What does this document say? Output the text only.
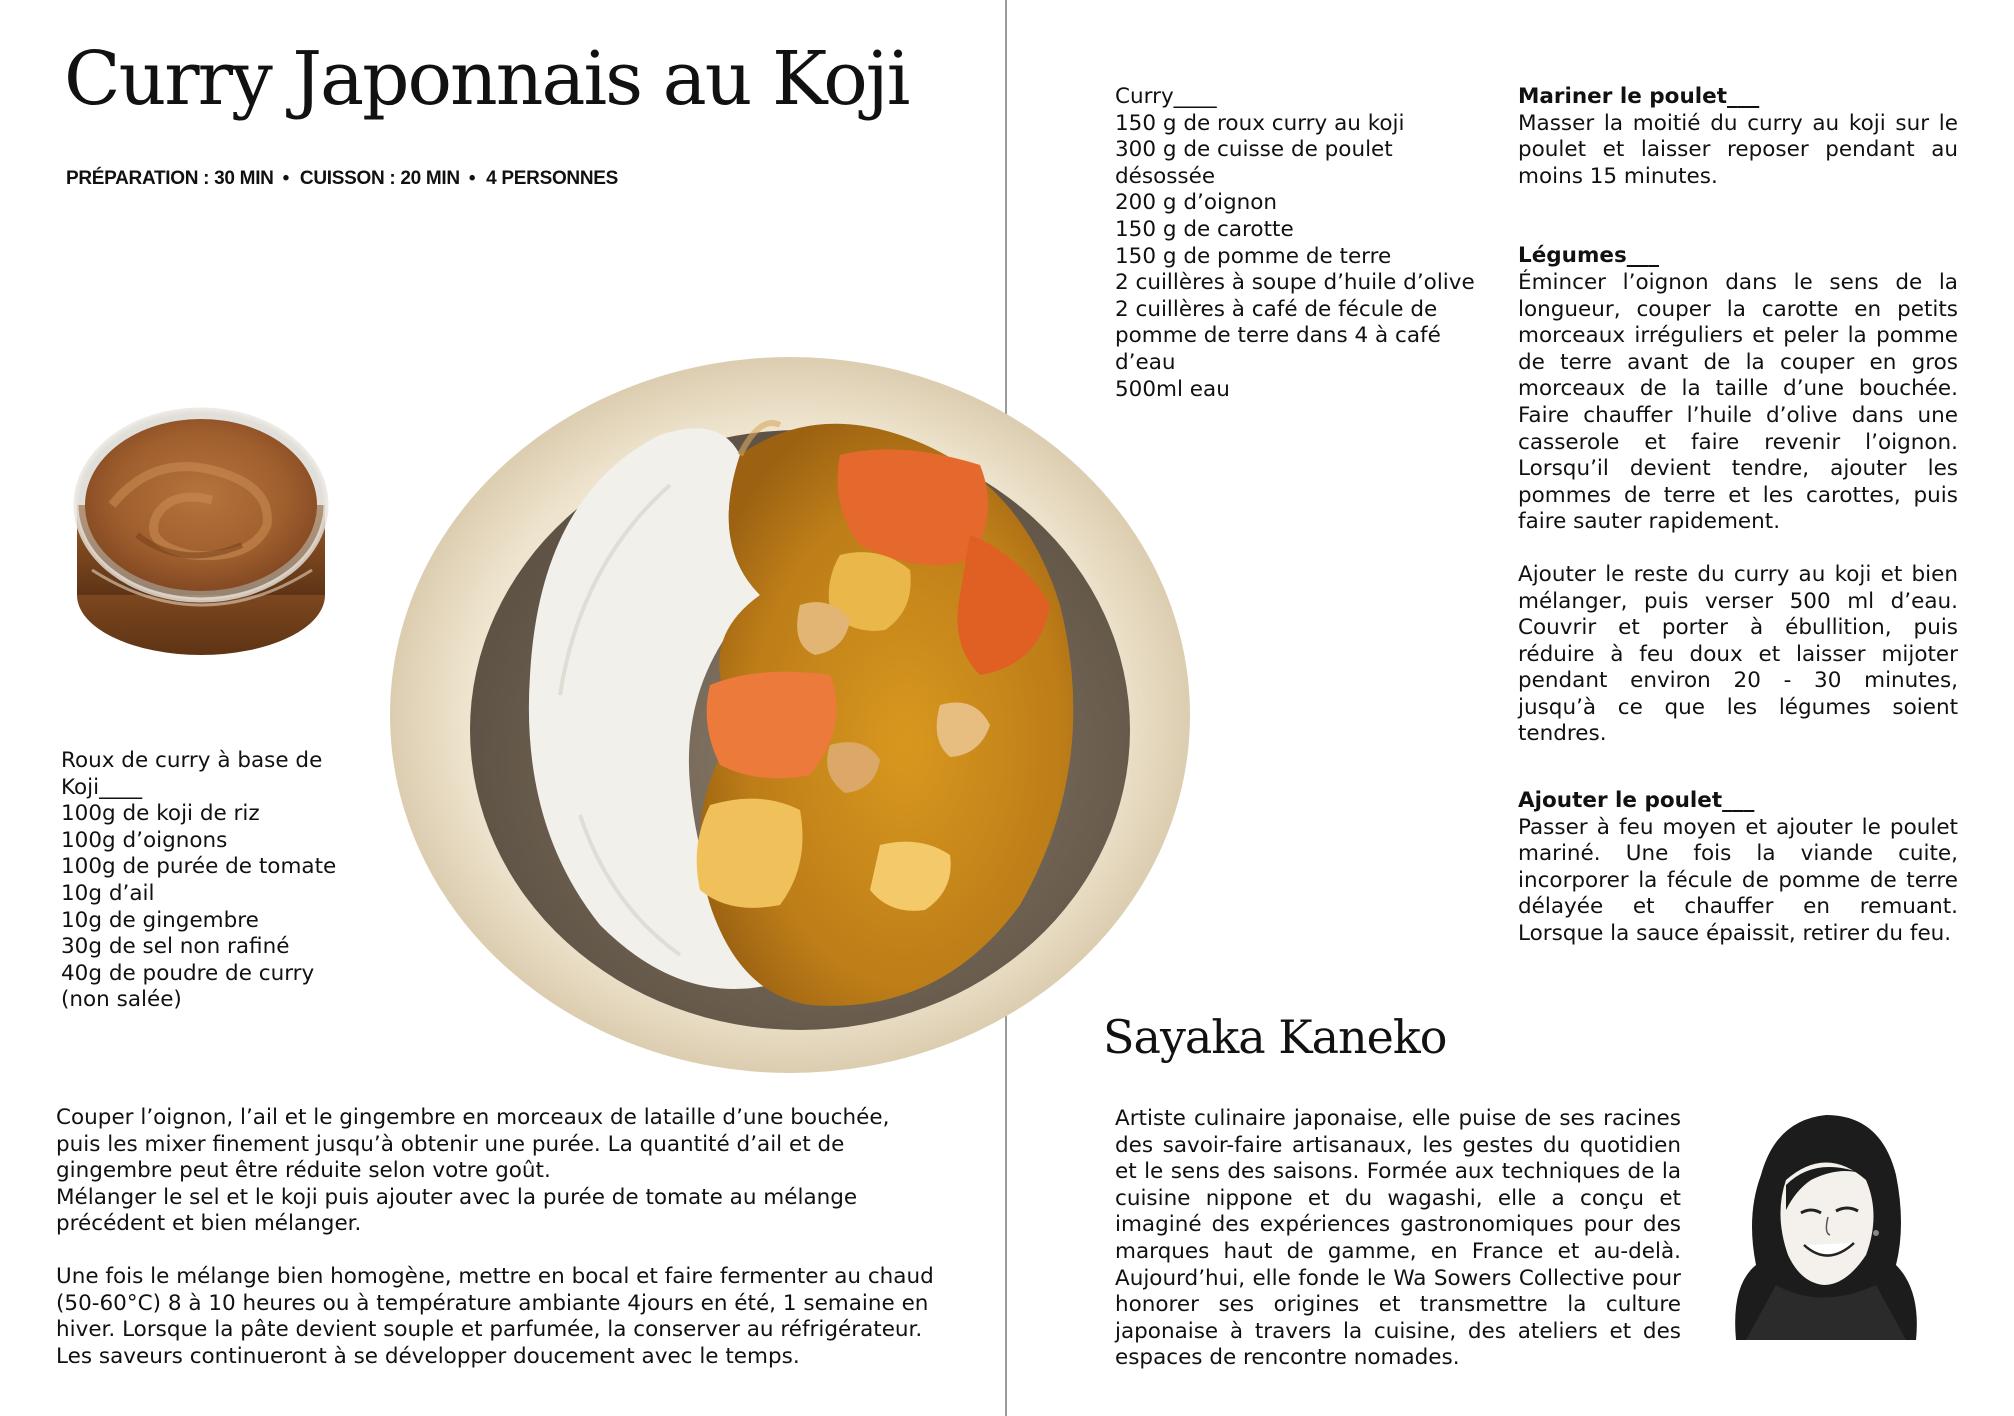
Curry Japonnais au Koji
PRÉPARATION : 30 MIN • CUISSON : 20 MIN • 4 PERSONNES

Roux de curry à base de Koji____

100g de koji de riz

100g d’oignons

100g de purée de tomate

10g d’ail

10g de gingembre

30g de sel non rafiné

40g de poudre de curry (non salée)

Couper l’oignon, l’ail et le gingembre en morceaux de lataille d’une bouchée, puis les mixer finement jusqu’à obtenir une purée. La quantité d’ail et de gingembre peut être réduite selon votre goût.
Mélanger le sel et le koji puis ajouter avec la purée de tomate au mélange précédent et bien mélanger.

Une fois le mélange bien homogène, mettre en bocal et faire fermenter au chaud (50-60°C) 8 à 10 heures ou à température ambiante 4jours en été, 1 semaine en hiver. Lorsque la pâte devient souple et parfumée, la conserver au réfrigérateur. Les saveurs continueront à se développer doucement avec le temps.

Curry____

150 g de roux curry au koji

300 g de cuisse de poulet désossée

200 g d’oignon

150 g de carotte

150 g de pomme de terre

2 cuillères à soupe d’huile d’olive

2 cuillères à café de fécule de pomme de terre dans 4 à café d’eau

500ml eau

Mariner le poulet___

Masser la moitié du curry au koji sur le poulet et laisser reposer pendant au moins 15 minutes.

Légumes___

Émincer l’oignon dans le sens de la longueur, couper la carotte en petits morceaux irréguliers et peler la pomme de terre avant de la couper en gros morceaux de la taille d’une bouchée. Faire chauffer l’huile d’olive dans une casserole et faire revenir l’oignon. Lorsqu’il devient tendre, ajouter les pommes de terre et les carottes, puis faire sauter rapidement.

Ajouter le reste du curry au koji et bien mélanger, puis verser 500 ml d’eau. Couvrir et porter à ébullition, puis réduire à feu doux et laisser mijoter pendant environ 20 - 30 minutes, jusqu’à ce que les légumes soient tendres.

Ajouter le poulet___

Passer à feu moyen et ajouter le poulet mariné. Une fois la viande cuite, incorporer la fécule de pomme de terre délayée et chauffer en remuant. Lorsque la sauce épaissit, retirer du feu.

Sayaka Kaneko

Artiste culinaire japonaise, elle puise de ses racines des savoir-faire artisanaux, les gestes du quotidien et le sens des saisons. Formée aux techniques de la cuisine nippone et du wagashi, elle a conçu et imaginé des expériences gastronomiques pour des marques haut de gamme, en France et au-delà. Aujourd’hui, elle fonde le Wa Sowers Collective pour honorer ses origines et transmettre la culture japonaise à travers la cuisine, des ateliers et des espaces de rencontre nomades.
